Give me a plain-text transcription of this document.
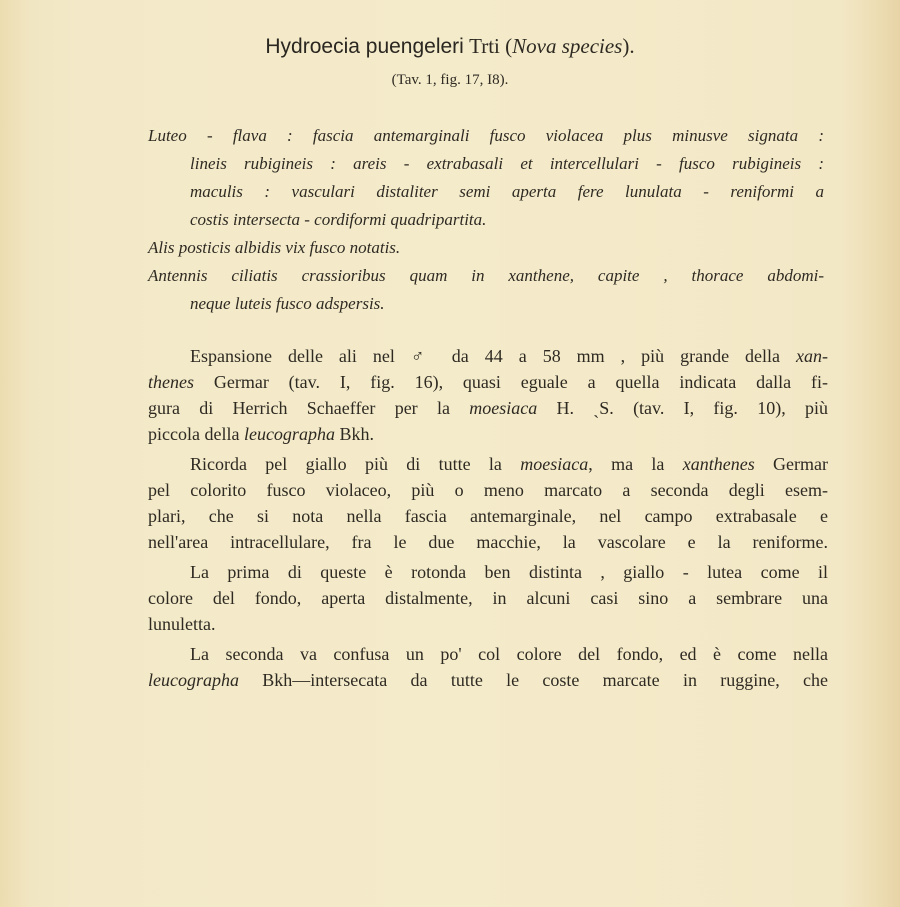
Hydroecia puengeleri Trti (Nova species).
(Tav. 1, fig. 17, I8).
Luteo - flava : fascia antemarginali fusco violacea plus minusve signata :
lineis rubigineis : areis - extrabasali et intercellulari - fusco rubigineis :
maculis : vasculari distaliter semi aperta fere lunulata - reniformi a
costis intersecta - cordiformi quadripartita.
Alis posticis albidis vix fusco notatis.
Antennis ciliatis crassioribus quam in xanthene, capite , thorace abdomi-
neque luteis fusco adspersis.
Espansione delle ali nel ♂ da 44 a 58 mm , più grande della xan-
thenes Germar (tav. I, fig. 16), quasi eguale a quella indicata dalla fi-
gura di Herrich Schaeffer per la moesiaca H. ˎS. (tav. I, fig. 10), più
piccola della leucographa Bkh.
Ricorda pel giallo più di tutte la moesiaca, ma la xanthenes Germar
pel colorito fusco violaceo, più o meno marcato a seconda degli esem-
plari, che si nota nella fascia antemarginale, nel campo extrabasale e
nell'area intracellulare, fra le due macchie, la vascolare e la reniforme.
La prima di queste è rotonda ben distinta , giallo - lutea come il
colore del fondo, aperta distalmente, in alcuni casi sino a sembrare una
lunuletta.
La seconda va confusa un po' col colore del fondo, ed è come nella
leucographa Bkh—intersecata da tutte le coste marcate in ruggine, che
